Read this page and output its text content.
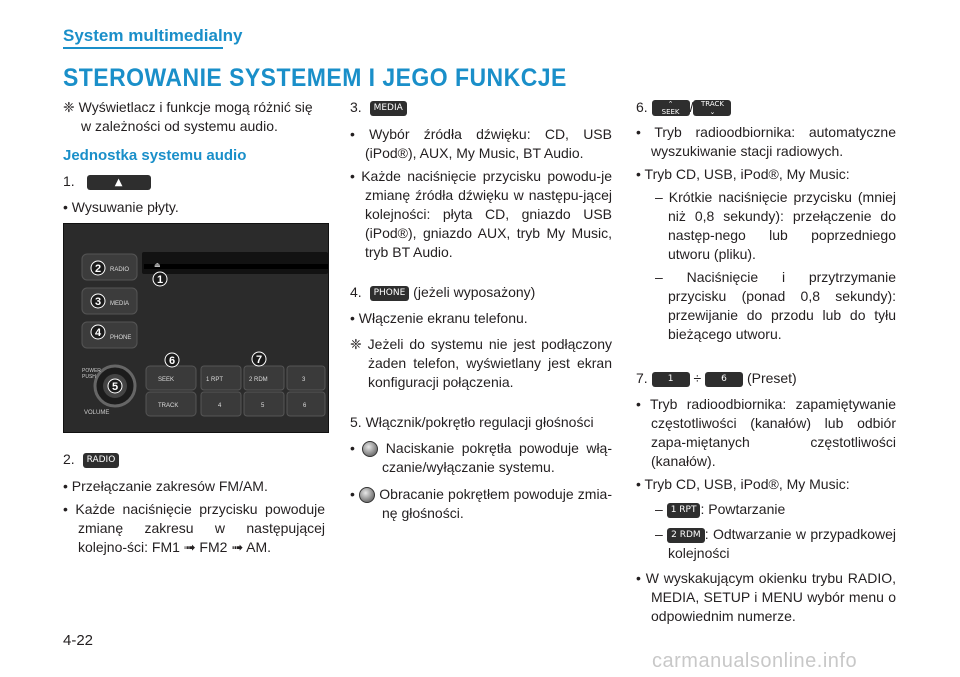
System multimedialny
STEROWANIE SYSTEMEM I JEGO FUNKCJE

❈ Wyświetlacz i funkcje mogą różnić się w zależności od systemu audio.

Jednostka systemu audio

1.	▲

• Wysuwanie płyty.

⏏
RADIO
MEDIA
PHONE
POWER
PUSH
VOLUME
SEEK
TRACK
1 RPT	2 RDM	3
4	5	6
1
2
3
4
5
6	7

2. RADIO

• Przełączanie zakresów FM/AM.

• Każde naciśnięcie przycisku powoduje zmianę zakresu w następującej kolejno-ści: FM1 ➟ FM2 ➟ AM.

3. MEDIA

• Wybór źródła dźwięku: CD, USB (iPod®), AUX, My Music, BT Audio.

• Każde naciśnięcie przycisku powodu-je zmianę źródła dźwięku w następu-jącej kolejności: płyta CD, gniazdo USB (iPod®), gniazdo AUX, tryb My Music, tryb BT Audio.

4. PHONE (jeżeli wyposażony)

• Włączenie ekranu telefonu.

❈ Jeżeli do systemu nie jest podłączony żaden telefon, wyświetlany jest ekran konfiguracji połączenia.

5. Włącznik/pokrętło regulacji głośności

•  Naciskanie pokrętła powoduje włą-czanie/wyłączanie systemu.

•  Obracanie pokrętłem powoduje zmia-nę głośności.

6.	⌃
SEEK / TRACK
⌄

• Tryb radioodbiornika: automatyczne wyszukiwanie stacji radiowych.

• Tryb CD, USB, iPod®, My Music:

– Krótkie naciśnięcie przycisku (mniej niż 0,8 sekundy): przełączenie do następ-nego lub poprzedniego utworu (pliku).

– Naciśnięcie i przytrzymanie przycisku (ponad 0,8 sekundy): przewijanie do przodu lub do tyłu bieżącego utworu.

7. 1 ÷ 6 (Preset)

• Tryb radioodbiornika: zapamiętywanie częstotliwości (kanałów) lub odbiór zapa-miętanych częstotliwości (kanałów).

• Tryb CD, USB, iPod®, My Music:

– 1 RPT : Powtarzanie

– 2 RDM : Odtwarzanie w przypadkowej kolejności

• W wyskakującym okienku trybu RADIO, MEDIA, SETUP i MENU wybór menu o odpowiednim numerze.

4-22
carmanualsonline.info
